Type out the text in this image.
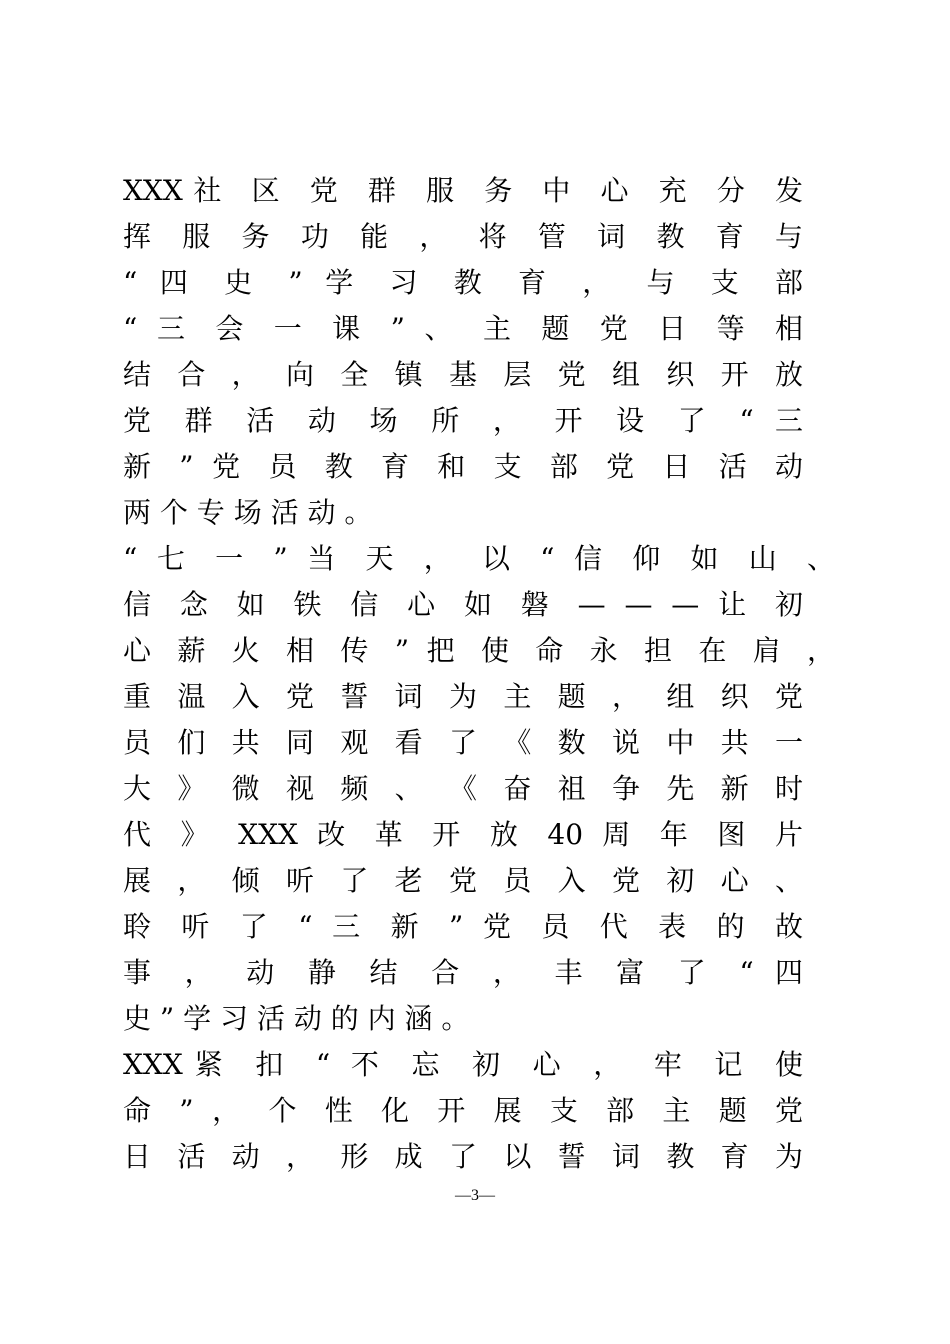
XXX社 区 党 群 服 务 中 心 充 分 发
挥 服 务 功 能 ， 将 管 词 教 育 与
“ 四 史 ” 学 习 教 育 ， 与 支 部
“ 三 会 一 课 ” 、 主 题 党 日 等 相
结 合 ， 向 全 镇 基 层 党 组 织 开 放
党 群 活 动 场 所 ， 开 设 了 “ 三
新 ” 党 员 教 育 和 支 部 党 日 活 动
两 个 专 场 活 动 。
“ 七 一 ” 当 天 ， 以 “ 信 仰 如 山 、
信 念 如 铁 信 心 如 磐 — — — 让 初
心 薪 火 相 传 ” 把 使 命 永 担 在 肩 ，
重 温 入 党 誓 词 为 主 题 ， 组 织 党
员 们 共 同 观 看 了 《 数 说 中 共 一
大 》 微 视 频 、 《 奋 祖 争 先 新 时
代 》 XXX 改 革 开 放 40 周 年 图 片
展 ， 倾 听 了 老 党 员 入 党 初 心 、
聆 听 了 “ 三 新 ” 党 员 代 表 的 故
事 ， 动 静 结 合 ， 丰 富 了 “ 四
史 ” 学 习 活 动 的 内 涵 。
XXX紧 扣 “ 不 忘 初 心 ， 牢 记 使
命 ” ， 个 性 化 开 展 支 部 主 题 党
日 活 动 ， 形 成 了 以 誓 词 教 育 为
—3—
